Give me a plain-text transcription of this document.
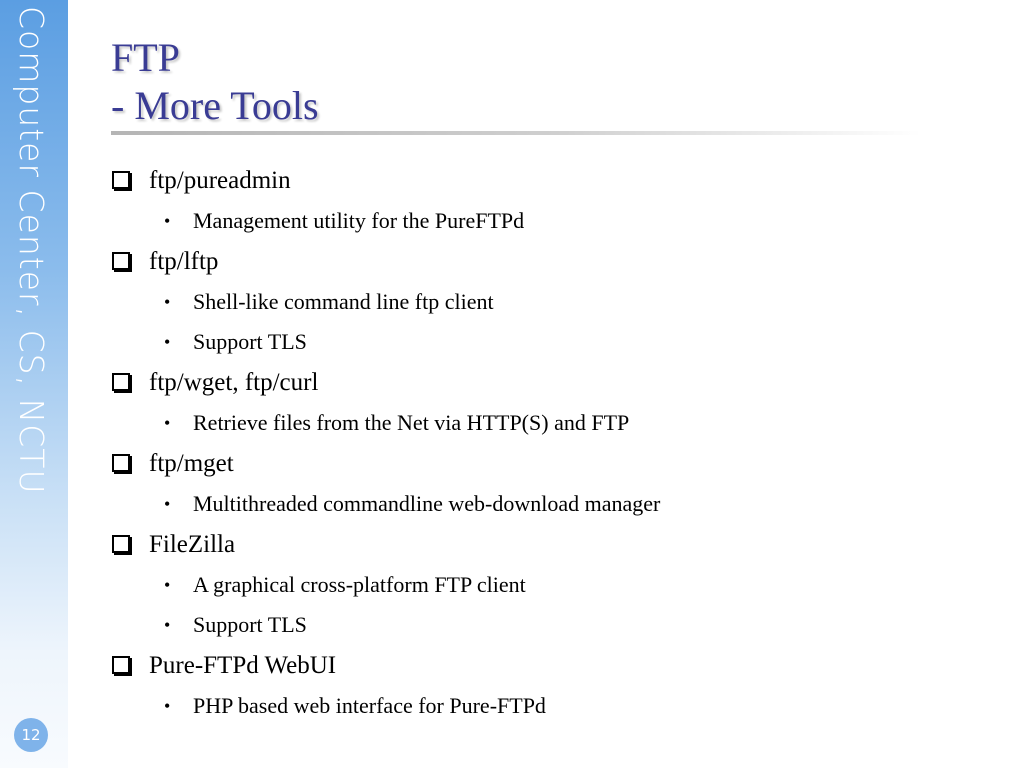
Computer Center, CS, NCTU
12
FTP
- More Tools
ftp/pureadmin
•	Management utility for the PureFTPd
ftp/lftp
•	Shell-like command line ftp client
•	Support TLS
ftp/wget, ftp/curl
•	Retrieve files from the Net via HTTP(S) and FTP
ftp/mget
•	Multithreaded commandline web-download manager
FileZilla
•	A graphical cross-platform FTP client
•	Support TLS
Pure-FTPd WebUI
•	PHP based web interface for Pure-FTPd
